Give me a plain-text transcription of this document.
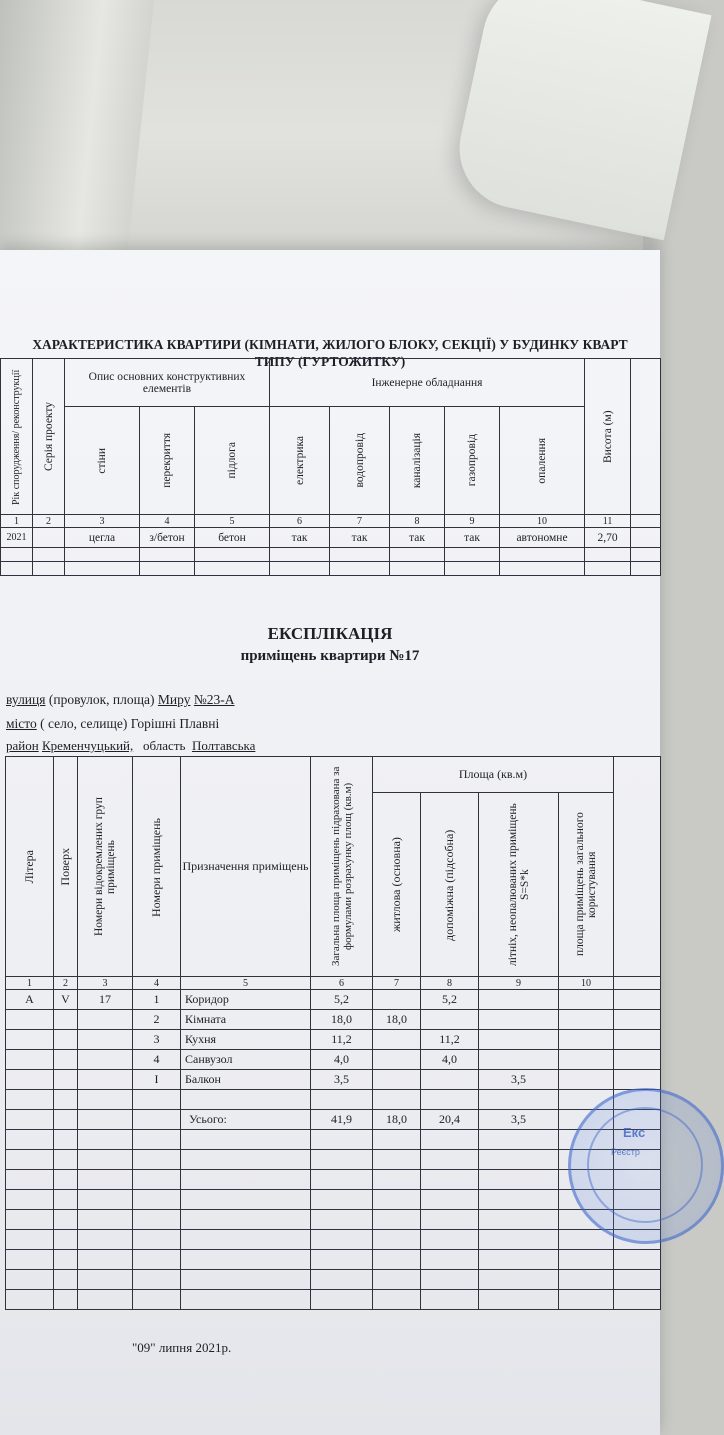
ХАРАКТЕРИСТИКА КВАРТИРИ (КІМНАТИ, ЖИЛОГО БЛОКУ, СЕКЦІЇ) У БУДИНКУ КВАРТ
ТИПУ (ГУРТОЖИТКУ)
Рік спорудження/ реконструкції	Серія проекту	Опис основних конструктивних елементів			Інженерне обладнання					Висота (м)	

		стіни	перекриття	підлога	електрика	водопровід	каналізація	газопровід	опалення		

1	2	3	4	5	6	7	8	9	10	11	
2021		цегла	з/бетон	бетон	так	так	так	так	автономне	2,70	

ЕКСПЛІКАЦІЯ
приміщень квартири №17
вулиця (провулок, площа) Миру №23-А
місто ( село, селище) Горішні Плавні
район Кременчуцький, область Полтавська
Літера	Поверх	Номери відокремлених груп приміщень	Номери приміщень	Призначення приміщень	Загальна площа приміщень підрахована за формулами розрахунку площ (кв.м)	Площа (кв.м)				

						житлова (основна)	допоміжна (підсобна)	літніх, неопалюваних приміщень S=S*k	площа приміщень загального користування	

1	2	3	4	5	6	7	8	9	10	
А	V	17	1	Коридор	5,2		5,2			
			2	Кімната	18,0	18,0				
			3	Кухня	11,2		11,2			
			4	Санвузол	4,0		4,0			
			І	Балкон	3,5			3,5		

				Усього:	41,9	18,0	20,4	3,5		

Екс
Реєстр
"09" липня 2021р.
